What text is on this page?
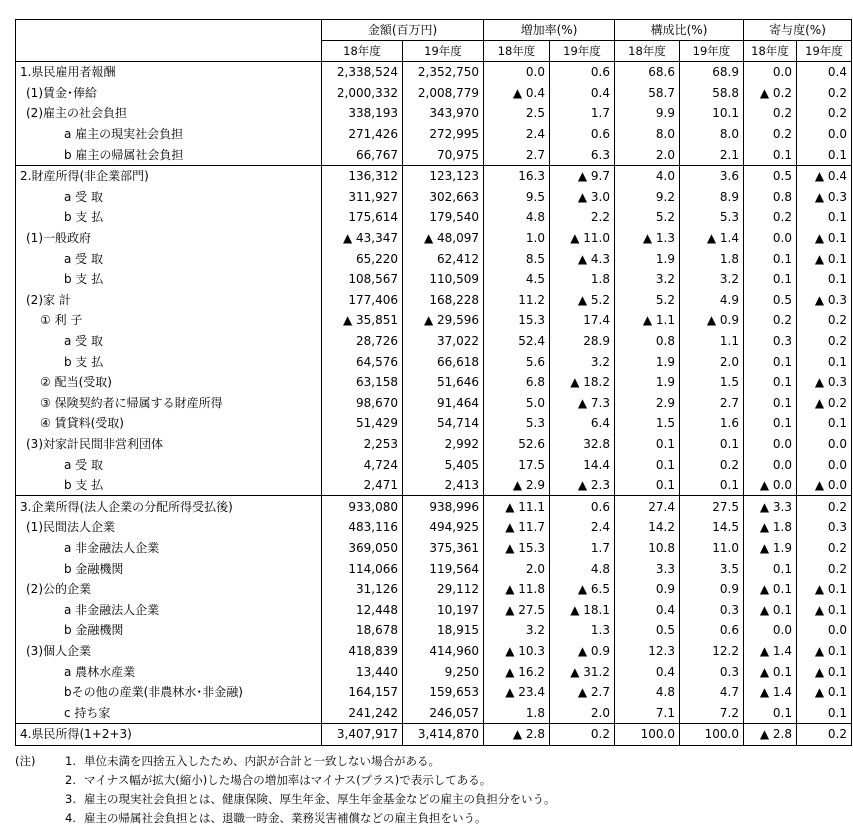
	金額(百万円)		増加率(%)		構成比(%)		寄与度(%)	
	18年度	19年度	18年度	19年度	18年度	19年度	18年度	19年度
1.県民雇用者報酬	2,338,524	2,352,750	0.0	0.6	68.6	68.9	0.0	0.4
(1)賃金･俸給	2,000,332	2,008,779	▲ 0.4	0.4	58.7	58.8	▲ 0.2	0.2
(2)雇主の社会負担	338,193	343,970	2.5	1.7	9.9	10.1	0.2	0.2
a 雇主の現実社会負担	271,426	272,995	2.4	0.6	8.0	8.0	0.2	0.0
b 雇主の帰属社会負担	66,767	70,975	2.7	6.3	2.0	2.1	0.1	0.1
2.財産所得(非企業部門)	136,312	123,123	16.3	▲ 9.7	4.0	3.6	0.5	▲ 0.4
a 受 取	311,927	302,663	9.5	▲ 3.0	9.2	8.9	0.8	▲ 0.3
b 支 払	175,614	179,540	4.8	2.2	5.2	5.3	0.2	0.1
(1)一般政府	▲ 43,347	▲ 48,097	1.0	▲ 11.0	▲ 1.3	▲ 1.4	0.0	▲ 0.1
a 受 取	65,220	62,412	8.5	▲ 4.3	1.9	1.8	0.1	▲ 0.1
b 支 払	108,567	110,509	4.5	1.8	3.2	3.2	0.1	0.1
(2)家 計	177,406	168,228	11.2	▲ 5.2	5.2	4.9	0.5	▲ 0.3
① 利 子	▲ 35,851	▲ 29,596	15.3	17.4	▲ 1.1	▲ 0.9	0.2	0.2
a 受 取	28,726	37,022	52.4	28.9	0.8	1.1	0.3	0.2
b 支 払	64,576	66,618	5.6	3.2	1.9	2.0	0.1	0.1
② 配当(受取)	63,158	51,646	6.8	▲ 18.2	1.9	1.5	0.1	▲ 0.3
③ 保険契約者に帰属する財産所得	98,670	91,464	5.0	▲ 7.3	2.9	2.7	0.1	▲ 0.2
④ 賃貸料(受取)	51,429	54,714	5.3	6.4	1.5	1.6	0.1	0.1
(3)対家計民間非営利団体	2,253	2,992	52.6	32.8	0.1	0.1	0.0	0.0
a 受 取	4,724	5,405	17.5	14.4	0.1	0.2	0.0	0.0
b 支 払	2,471	2,413	▲ 2.9	▲ 2.3	0.1	0.1	▲ 0.0	▲ 0.0
3.企業所得(法人企業の分配所得受払後)	933,080	938,996	▲ 11.1	0.6	27.4	27.5	▲ 3.3	0.2
(1)民間法人企業	483,116	494,925	▲ 11.7	2.4	14.2	14.5	▲ 1.8	0.3
a 非金融法人企業	369,050	375,361	▲ 15.3	1.7	10.8	11.0	▲ 1.9	0.2
b 金融機関	114,066	119,564	2.0	4.8	3.3	3.5	0.1	0.2
(2)公的企業	31,126	29,112	▲ 11.8	▲ 6.5	0.9	0.9	▲ 0.1	▲ 0.1
a 非金融法人企業	12,448	10,197	▲ 27.5	▲ 18.1	0.4	0.3	▲ 0.1	▲ 0.1
b 金融機関	18,678	18,915	3.2	1.3	0.5	0.6	0.0	0.0
(3)個人企業	418,839	414,960	▲ 10.3	▲ 0.9	12.3	12.2	▲ 1.4	▲ 0.1
a 農林水産業	13,440	9,250	▲ 16.2	▲ 31.2	0.4	0.3	▲ 0.1	▲ 0.1
bその他の産業(非農林水･非金融)	164,157	159,653	▲ 23.4	▲ 2.7	4.8	4.7	▲ 1.4	▲ 0.1
c 持ち家	241,242	246,057	1.8	2.0	7.1	7.2	0.1	0.1
4.県民所得(1+2+3)	3,407,917	3,414,870	▲ 2.8	0.2	100.0	100.0	▲ 2.8	0.2
(注)	1. 単位未満を四捨五入したため、内訳が合計と一致しない場合がある。
2. マイナス幅が拡大(縮小)した場合の増加率はマイナス(プラス)で表示してある。
3. 雇主の現実社会負担とは、健康保険、厚生年金、厚生年金基金などの雇主の負担分をいう。
4. 雇主の帰属社会負担とは、退職一時金、業務災害補償などの雇主負担をいう。
